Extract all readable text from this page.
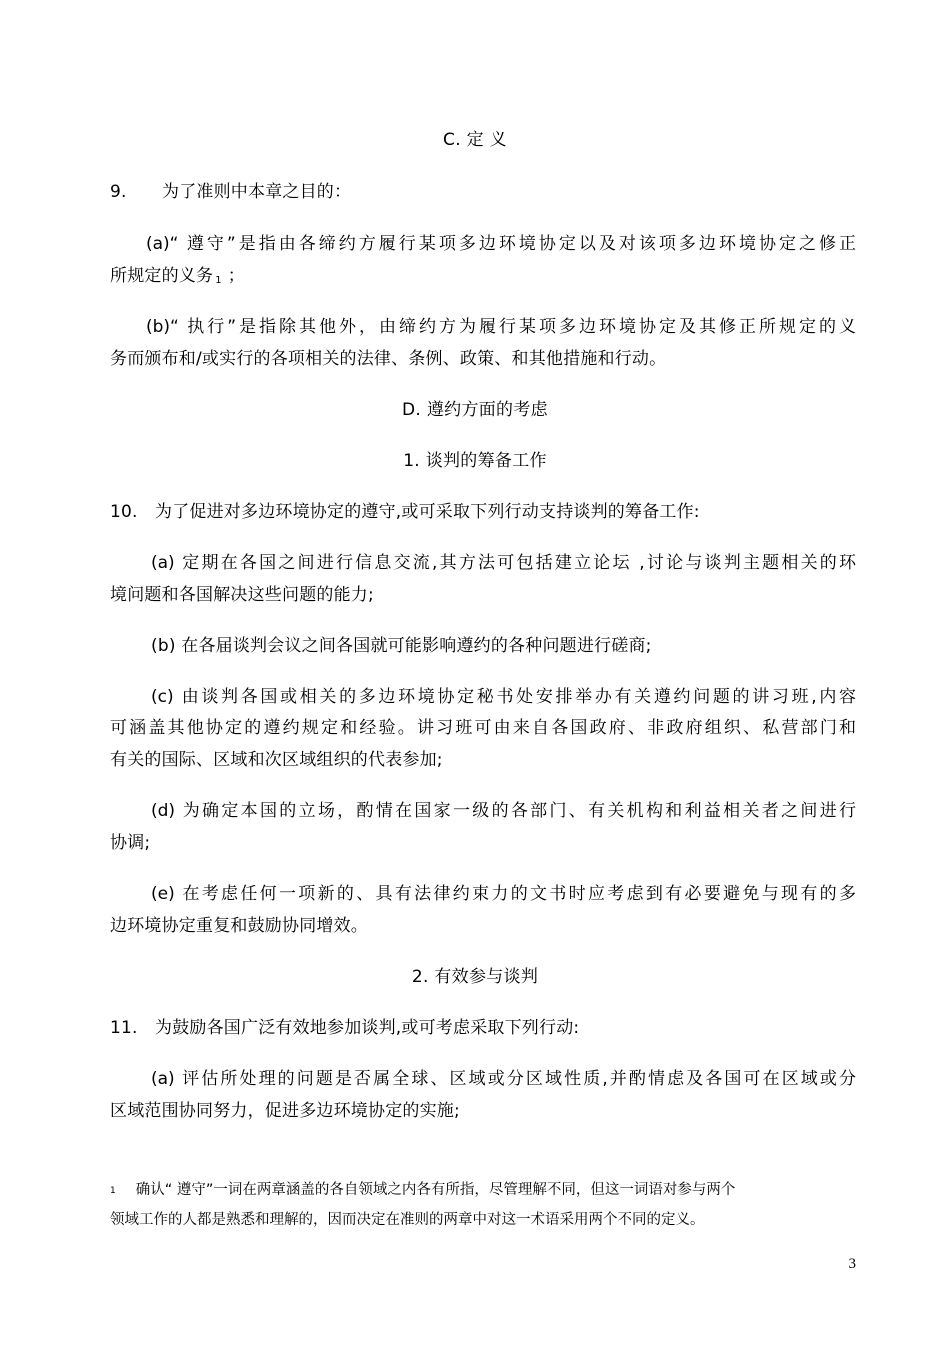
C. 定 义
9. 为了准则中本章之目的：
(a)“ 遵守”是指由各缔约方履行某项多边环境协定以及对该项多边环境协定之修正
所规定的义务 $_1$ ；
(b)“ 执行”是指除其他外，由缔约方为履行某项多边环境协定及其修正所规定的义
务而颁布和/或实行的各项相关的法律、条例、政策、和其他措施和行动。
D. 遵约方面的考虑
1. 谈判的筹备工作
10. 为了促进对多边环境协定的遵守,或可采取下列行动支持谈判的筹备工作:
(a) 定期在各国之间进行信息交流,其方法可包括建立论坛 ,讨论与谈判主题相关的环
境问题和各国解决这些问题的能力;
(b) 在各届谈判会议之间各国就可能影响遵约的各种问题进行磋商;
(c) 由谈判各国或相关的多边环境协定秘书处安排举办有关遵约问题的讲习班,内容
可涵盖其他协定的遵约规定和经验。讲习班可由来自各国政府、非政府组织、私营部门和
有关的国际、区域和次区域组织的代表参加;
(d) 为确定本国的立场，酌情在国家一级的各部门、有关机构和利益相关者之间进行
协调;
(e) 在考虑任何一项新的、具有法律约束力的文书时应考虑到有必要避免与现有的多
边环境协定重复和鼓励协同增效。
2. 有效参与谈判
11. 为鼓励各国广泛有效地参加谈判,或可考虑采取下列行动:
(a) 评估所处理的问题是否属全球、区域或分区域性质,并酌情虑及各国可在区域或分
区域范围协同努力，促进多边环境协定的实施;
1 确认“ 遵守”一词在两章涵盖的各自领域之内各有所指，尽管理解不同，但这一词语对参与两个
领域工作的人都是熟悉和理解的，因而决定在准则的两章中对这一术语采用两个不同的定义。
3
